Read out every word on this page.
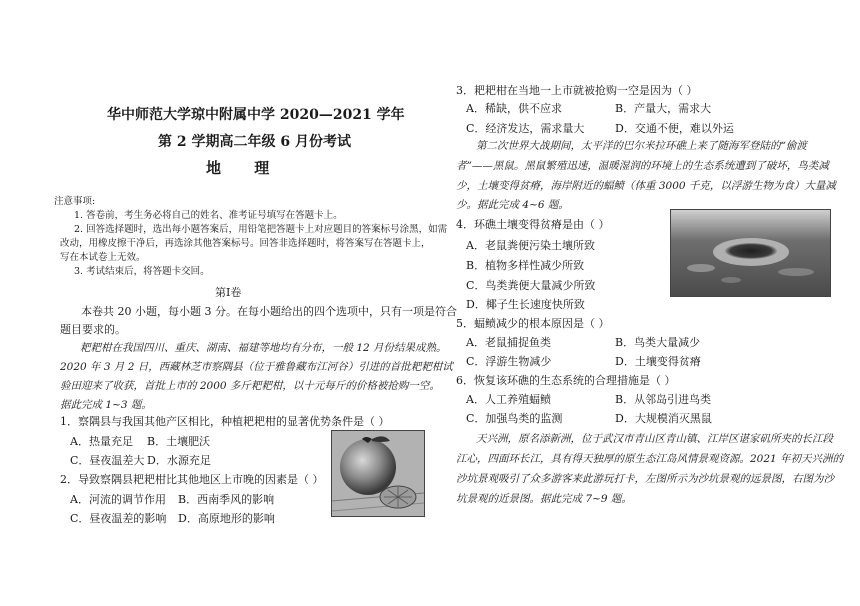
华中师范大学琼中附属中学 2020—2021 学年
第 2 学期高二年级 6 月份考试
地 理
注意事项:
1. 答卷前，考生务必将自己的姓名、准考证号填写在答题卡上。
2. 回答选择题时，选出每小题答案后，用铅笔把答题卡上对应题目的答案标号涂黑，如需
改动，用橡皮擦干净后，再选涂其他答案标号。回答非选择题时，将答案写在答题卡上，
写在本试卷上无效。
3. 考试结束后，将答题卡交回。
第Ⅰ卷
本卷共 20 小题，每小题 3 分。在每小题给出的四个选项中，只有一项是符合
题目要求的。
耙耙柑在我国四川、重庆、湖南、福建等地均有分布，一般 12 月份结果成熟。
2020 年 3 月 2 日，西藏林芝市察隅县（位于雅鲁藏布江河谷）引进的首批耙耙柑试
验田迎来了收获，首批上市的 2000 多斤耙耙柑，以十元每斤的价格被抢购一空。
据此完成 1~3 题。
1．察隅县与我国其他产区相比，种植耙耙柑的显著优势条件是（ ）
A．热量充足 B．土壤肥沃
C．昼夜温差大 D．水源充足
2．导致察隅县耙耙柑比其他地区上市晚的因素是（ ）
A．河流的调节作用 B．西南季风的影响
C．昼夜温差的影响 D．高原地形的影响
3．耙耙柑在当地一上市就被抢购一空是因为（ ）
A．稀缺，供不应求	B．产量大，需求大
C．经济发达，需求量大	D．交通不便，难以外运
第二次世界大战期间，太平洋的巴尔米拉环礁上来了随海军登陆的“偷渡
者”——黑鼠。黑鼠繁殖迅速，温暖湿润的环境上的生态系统遭到了破坏，鸟类减
少，土壤变得贫瘠，海岸附近的蝠鲼（体重 3000 千克，以浮游生物为食）大量减
少。据此完成 4~6 题。
4．环礁土壤变得贫瘠是由（ ）
A．老鼠粪便污染土壤所致
B．植物多样性减少所致
C．鸟类粪便大量减少所致
D．椰子生长速度快所致
5．蝠鲼减少的根本原因是（ ）
A．老鼠捕捉鱼类	B．鸟类大量减少
C．浮游生物减少	D．土壤变得贫瘠
6．恢复该环礁的生态系统的合理措施是（ ）
A．人工养殖蝠鲼	B．从邻岛引进鸟类
C．加强鸟类的监测	D．大规模消灭黑鼠
天兴洲，原名添新洲，位于武汉市青山区青山镇、江岸区谌家矶所夹的长江段
江心，四面环长江，具有得天独厚的原生态江岛风情景观资源。2021 年初天兴洲的
沙坑景观吸引了众多游客来此游玩打卡，左图所示为沙坑景观的远景图，右图为沙
坑景观的近景图。据此完成 7~9 题。
